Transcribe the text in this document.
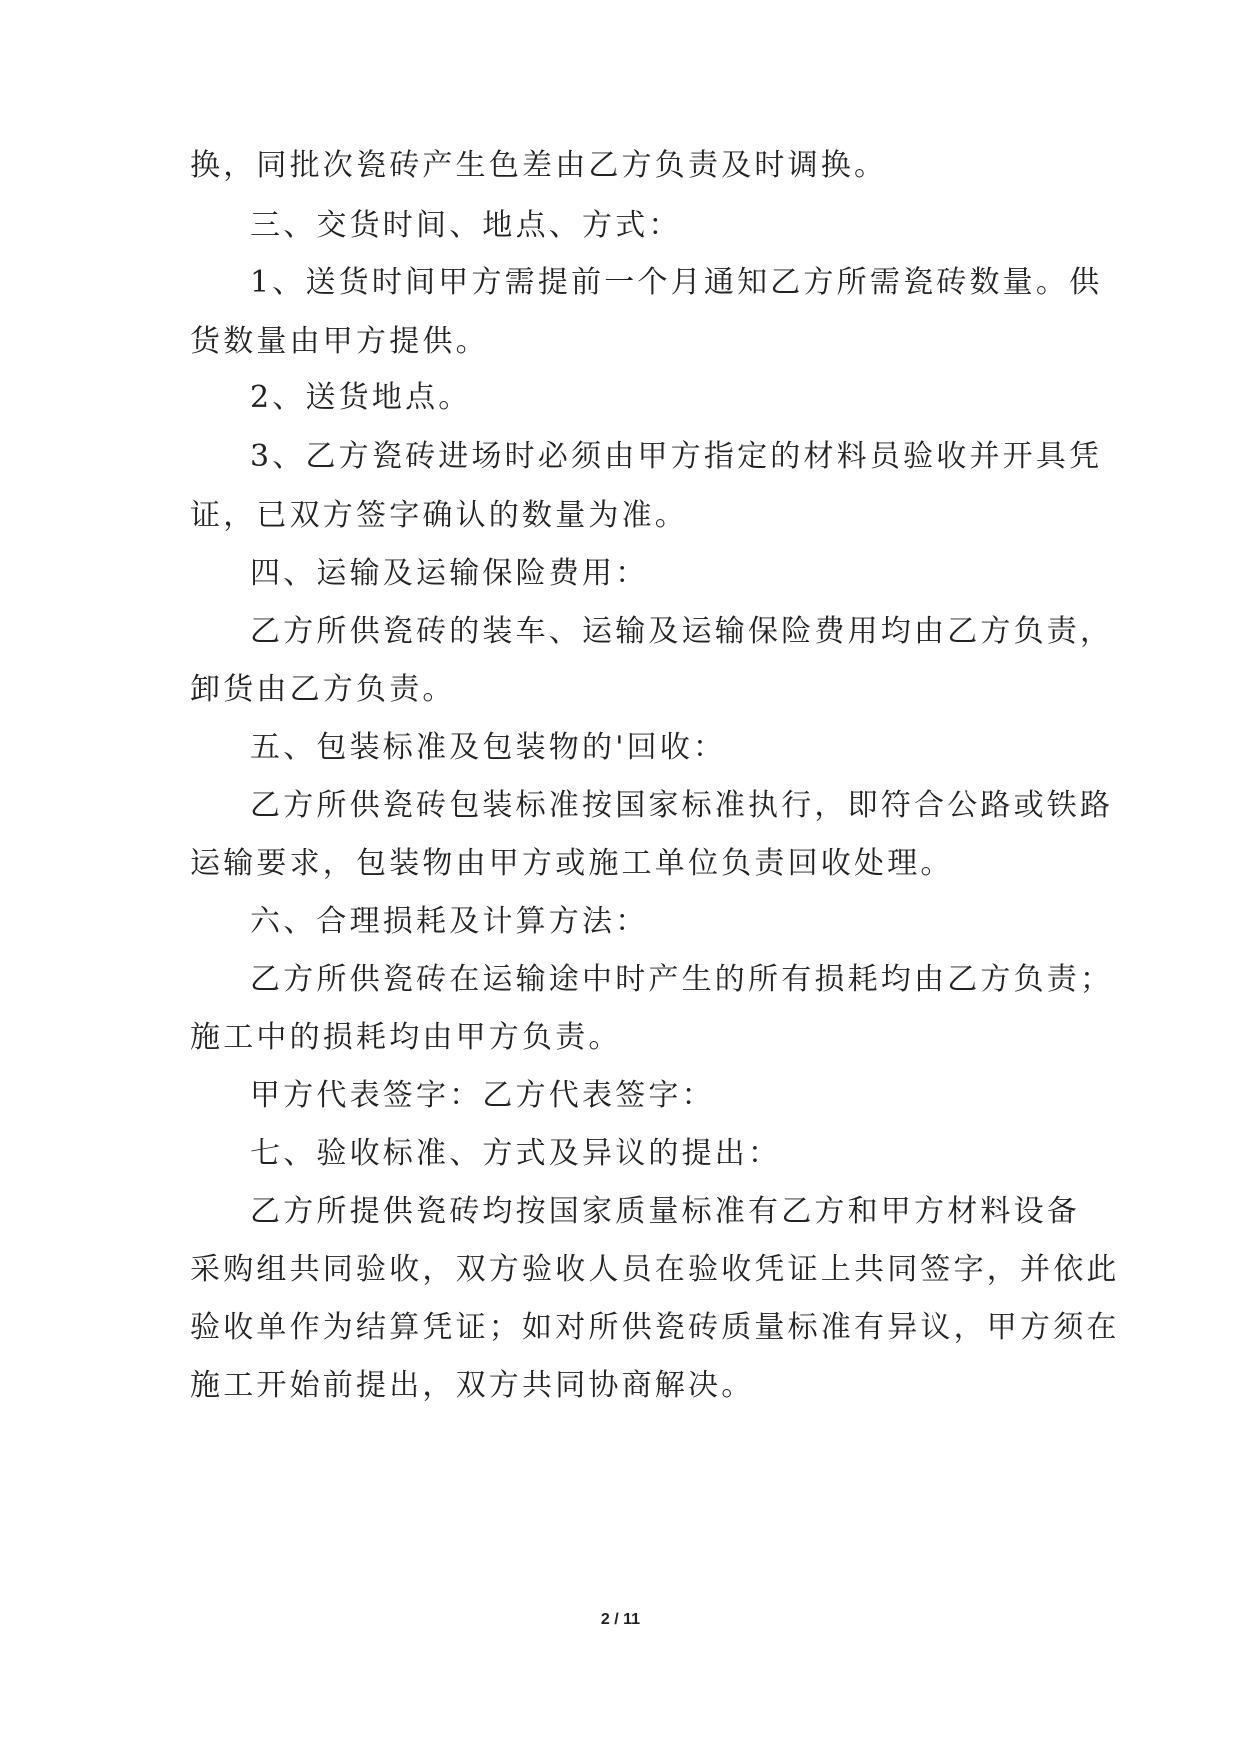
换，同批次瓷砖产生色差由乙方负责及时调换。
三、交货时间、地点、方式：
1、送货时间甲方需提前一个月通知乙方所需瓷砖数量。供
货数量由甲方提供。
2、送货地点。
3、乙方瓷砖进场时必须由甲方指定的材料员验收并开具凭
证，已双方签字确认的数量为准。
四、运输及运输保险费用：
乙方所供瓷砖的装车、运输及运输保险费用均由乙方负责，
卸货由乙方负责。
五、包装标准及包装物的'回收：
乙方所供瓷砖包装标准按国家标准执行，即符合公路或铁路
运输要求，包装物由甲方或施工单位负责回收处理。
六、合理损耗及计算方法：
乙方所供瓷砖在运输途中时产生的所有损耗均由乙方负责；
施工中的损耗均由甲方负责。
甲方代表签字：乙方代表签字：
七、验收标准、方式及异议的提出：
乙方所提供瓷砖均按国家质量标准有乙方和甲方材料设备
采购组共同验收，双方验收人员在验收凭证上共同签字，并依此
验收单作为结算凭证；如对所供瓷砖质量标准有异议，甲方须在
施工开始前提出，双方共同协商解决。
2 / 11
